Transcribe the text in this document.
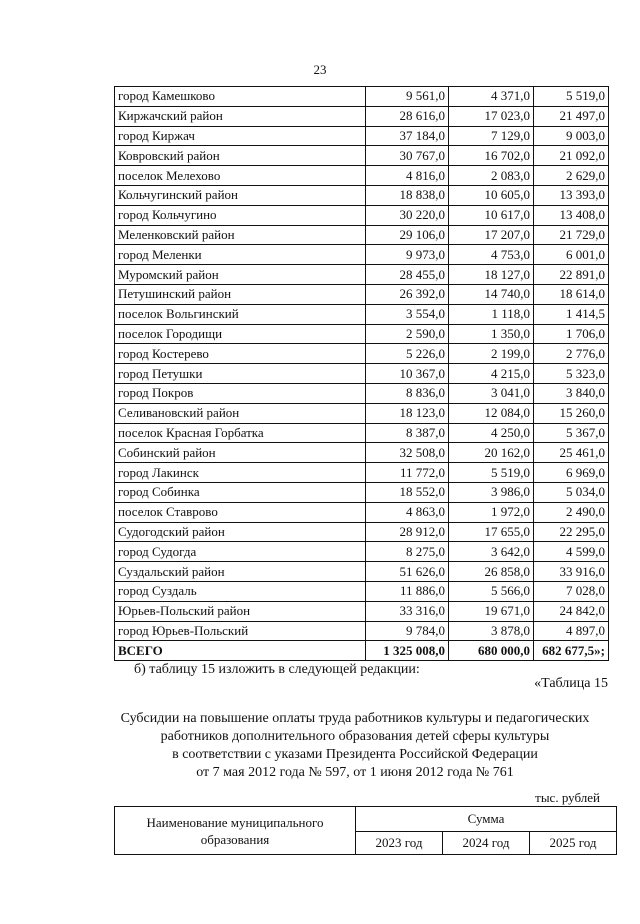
23
город Камешково	9 561,0	4 371,0	5 519,0
Киржачский район	28 616,0	17 023,0	21 497,0
город Киржач	37 184,0	7 129,0	9 003,0
Ковровский район	30 767,0	16 702,0	21 092,0
поселок Мелехово	4 816,0	2 083,0	2 629,0
Кольчугинский район	18 838,0	10 605,0	13 393,0
город Кольчугино	30 220,0	10 617,0	13 408,0
Меленковский район	29 106,0	17 207,0	21 729,0
город Меленки	9 973,0	4 753,0	6 001,0
Муромский район	28 455,0	18 127,0	22 891,0
Петушинский район	26 392,0	14 740,0	18 614,0
поселок Вольгинский	3 554,0	1 118,0	1 414,5
поселок Городищи	2 590,0	1 350,0	1 706,0
город Костерево	5 226,0	2 199,0	2 776,0
город Петушки	10 367,0	4 215,0	5 323,0
город Покров	8 836,0	3 041,0	3 840,0
Селивановский район	18 123,0	12 084,0	15 260,0
поселок Красная Горбатка	8 387,0	4 250,0	5 367,0
Собинский район	32 508,0	20 162,0	25 461,0
город Лакинск	11 772,0	5 519,0	6 969,0
город Собинка	18 552,0	3 986,0	5 034,0
поселок Ставрово	4 863,0	1 972,0	2 490,0
Судогодский район	28 912,0	17 655,0	22 295,0
город Судогда	8 275,0	3 642,0	4 599,0
Суздальский район	51 626,0	26 858,0	33 916,0
город Суздаль	11 886,0	5 566,0	7 028,0
Юрьев-Польский район	33 316,0	19 671,0	24 842,0
город Юрьев-Польский	9 784,0	3 878,0	4 897,0
ВСЕГО	1 325 008,0	680 000,0	682 677,5»;
б) таблицу 15 изложить в следующей редакции:
«Таблица 15
Субсидии на повышение оплаты труда работников культуры и педагогических
работников дополнительного образования детей сферы культуры
в соответствии с указами Президента Российской Федерации
от 7 мая 2012 года № 597, от 1 июня 2012 года № 761
тыс. рублей
Наименование муниципального образования	Сумма		
	2023 год	2024 год	2025 год
